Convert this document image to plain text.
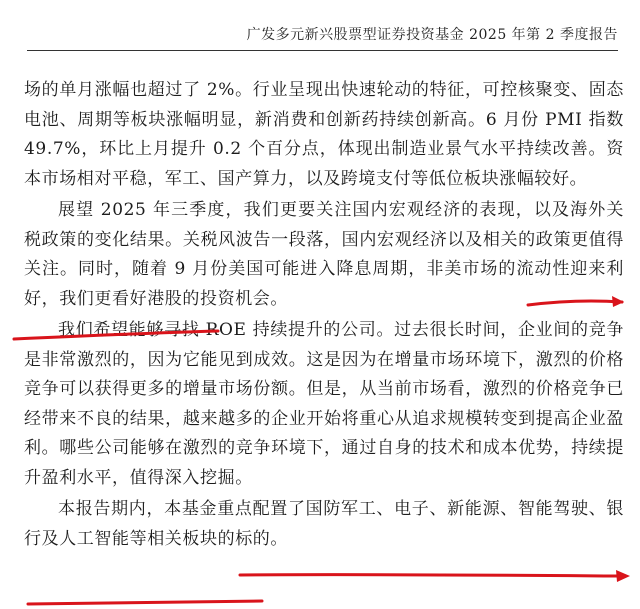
广发多元新兴股票型证券投资基金 2025 年第 2 季度报告

场的单月涨幅也超过了 2%。行业呈现出快速轮动的特征，可控核聚变、固态电池、周期等板块涨幅明显，新消费和创新药持续创新高。6 月份 PMI 指数 49.7%，环比上月提升 0.2 个百分点，体现出制造业景气水平持续改善。资本市场相对平稳，军工、国产算力，以及跨境支付等低位板块涨幅较好。

展望 2025 年三季度，我们更要关注国内宏观经济的表现，以及海外关税政策的变化结果。关税风波告一段落，国内宏观经济以及相关的政策更值得关注。同时，随着 9 月份美国可能进入降息周期，非美市场的流动性迎来利好，我们更看好港股的投资机会。

我们希望能够寻找 ROE 持续提升的公司。过去很长时间，企业间的竞争是非常激烈的，因为它能见到成效。这是因为在增量市场环境下，激烈的价格竞争可以获得更多的增量市场份额。但是，从当前市场看，激烈的价格竞争已经带来不良的结果，越来越多的企业开始将重心从追求规模转变到提高企业盈利。哪些公司能够在激烈的竞争环境下，通过自身的技术和成本优势，持续提升盈利水平，值得深入挖掘。

本报告期内，本基金重点配置了国防军工、电子、新能源、智能驾驶、银行及人工智能等相关板块的标的。
